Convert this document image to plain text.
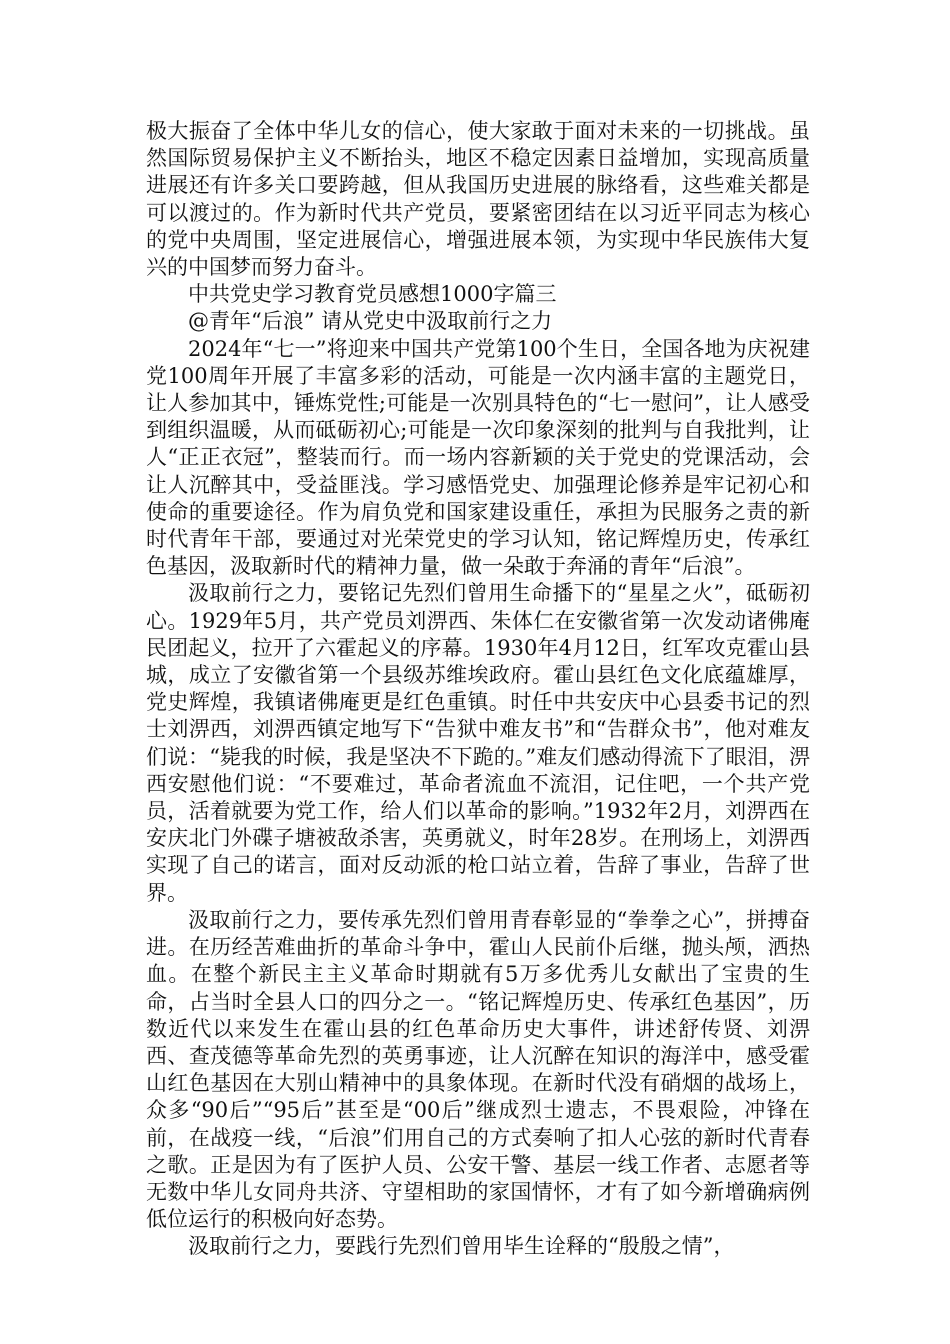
极大振奋了全体中华儿女的信心，使大家敢于面对未来的一切挑战。虽然国际贸易保护主义不断抬头，地区不稳定因素日益增加，实现高质量进展还有许多关口要跨越，但从我国历史进展的脉络看，这些难关都是可以渡过的。作为新时代共产党员，要紧密团结在以习近平同志为核心的党中央周围，坚定进展信心，增强进展本领，为实现中华民族伟大复兴的中国梦而努力奋斗。

中共党史学习教育党员感想1000字篇三

@青年“后浪” 请从党史中汲取前行之力

2024年“七一”将迎来中国共产党第100个生日，全国各地为庆祝建党100周年开展了丰富多彩的活动，可能是一次内涵丰富的主题党日，让人参加其中，锤炼党性;可能是一次别具特色的“七一慰问”，让人感受到组织温暖，从而砥砺初心;可能是一次印象深刻的批判与自我批判，让人“正正衣冠”，整装而行。而一场内容新颖的关于党史的党课活动，会让人沉醉其中，受益匪浅。学习感悟党史、加强理论修养是牢记初心和使命的重要途径。作为肩负党和国家建设重任，承担为民服务之责的新时代青年干部，要通过对光荣党史的学习认知，铭记辉煌历史，传承红色基因，汲取新时代的精神力量，做一朵敢于奔涌的青年“后浪”。

汲取前行之力，要铭记先烈们曾用生命播下的“星星之火”，砥砺初心。1929年5月，共产党员刘淠西、朱体仁在安徽省第一次发动诸佛庵民团起义，拉开了六霍起义的序幕。1930年4月12日，红军攻克霍山县城，成立了安徽省第一个县级苏维埃政府。霍山县红色文化底蕴雄厚，党史辉煌，我镇诸佛庵更是红色重镇。时任中共安庆中心县委书记的烈士刘淠西，刘淠西镇定地写下“告狱中难友书”和“告群众书”，他对难友们说：“毙我的时候，我是坚决不下跪的。”难友们感动得流下了眼泪，淠西安慰他们说：“不要难过，革命者流血不流泪，记住吧，一个共产党员，活着就要为党工作，给人们以革命的影响。”1932年2月，刘淠西在安庆北门外碟子塘被敌杀害，英勇就义，时年28岁。在刑场上，刘淠西实现了自己的诺言，面对反动派的枪口站立着，告辞了事业，告辞了世界。

汲取前行之力，要传承先烈们曾用青春彰显的“拳拳之心”，拼搏奋进。在历经苦难曲折的革命斗争中，霍山人民前仆后继，抛头颅，洒热血。在整个新民主主义革命时期就有5万多优秀儿女献出了宝贵的生命，占当时全县人口的四分之一。“铭记辉煌历史、传承红色基因”，历数近代以来发生在霍山县的红色革命历史大事件，讲述舒传贤、刘淠西、查茂德等革命先烈的英勇事迹，让人沉醉在知识的海洋中，感受霍山红色基因在大别山精神中的具象体现。在新时代没有硝烟的战场上，众多“90后”“95后”甚至是“00后”继成烈士遗志，不畏艰险，冲锋在前，在战疫一线，“后浪”们用自己的方式奏响了扣人心弦的新时代青春之歌。正是因为有了医护人员、公安干警、基层一线工作者、志愿者等无数中华儿女同舟共济、守望相助的家国情怀，才有了如今新增确病例低位运行的积极向好态势。

汲取前行之力，要践行先烈们曾用毕生诠释的“殷殷之情”，
